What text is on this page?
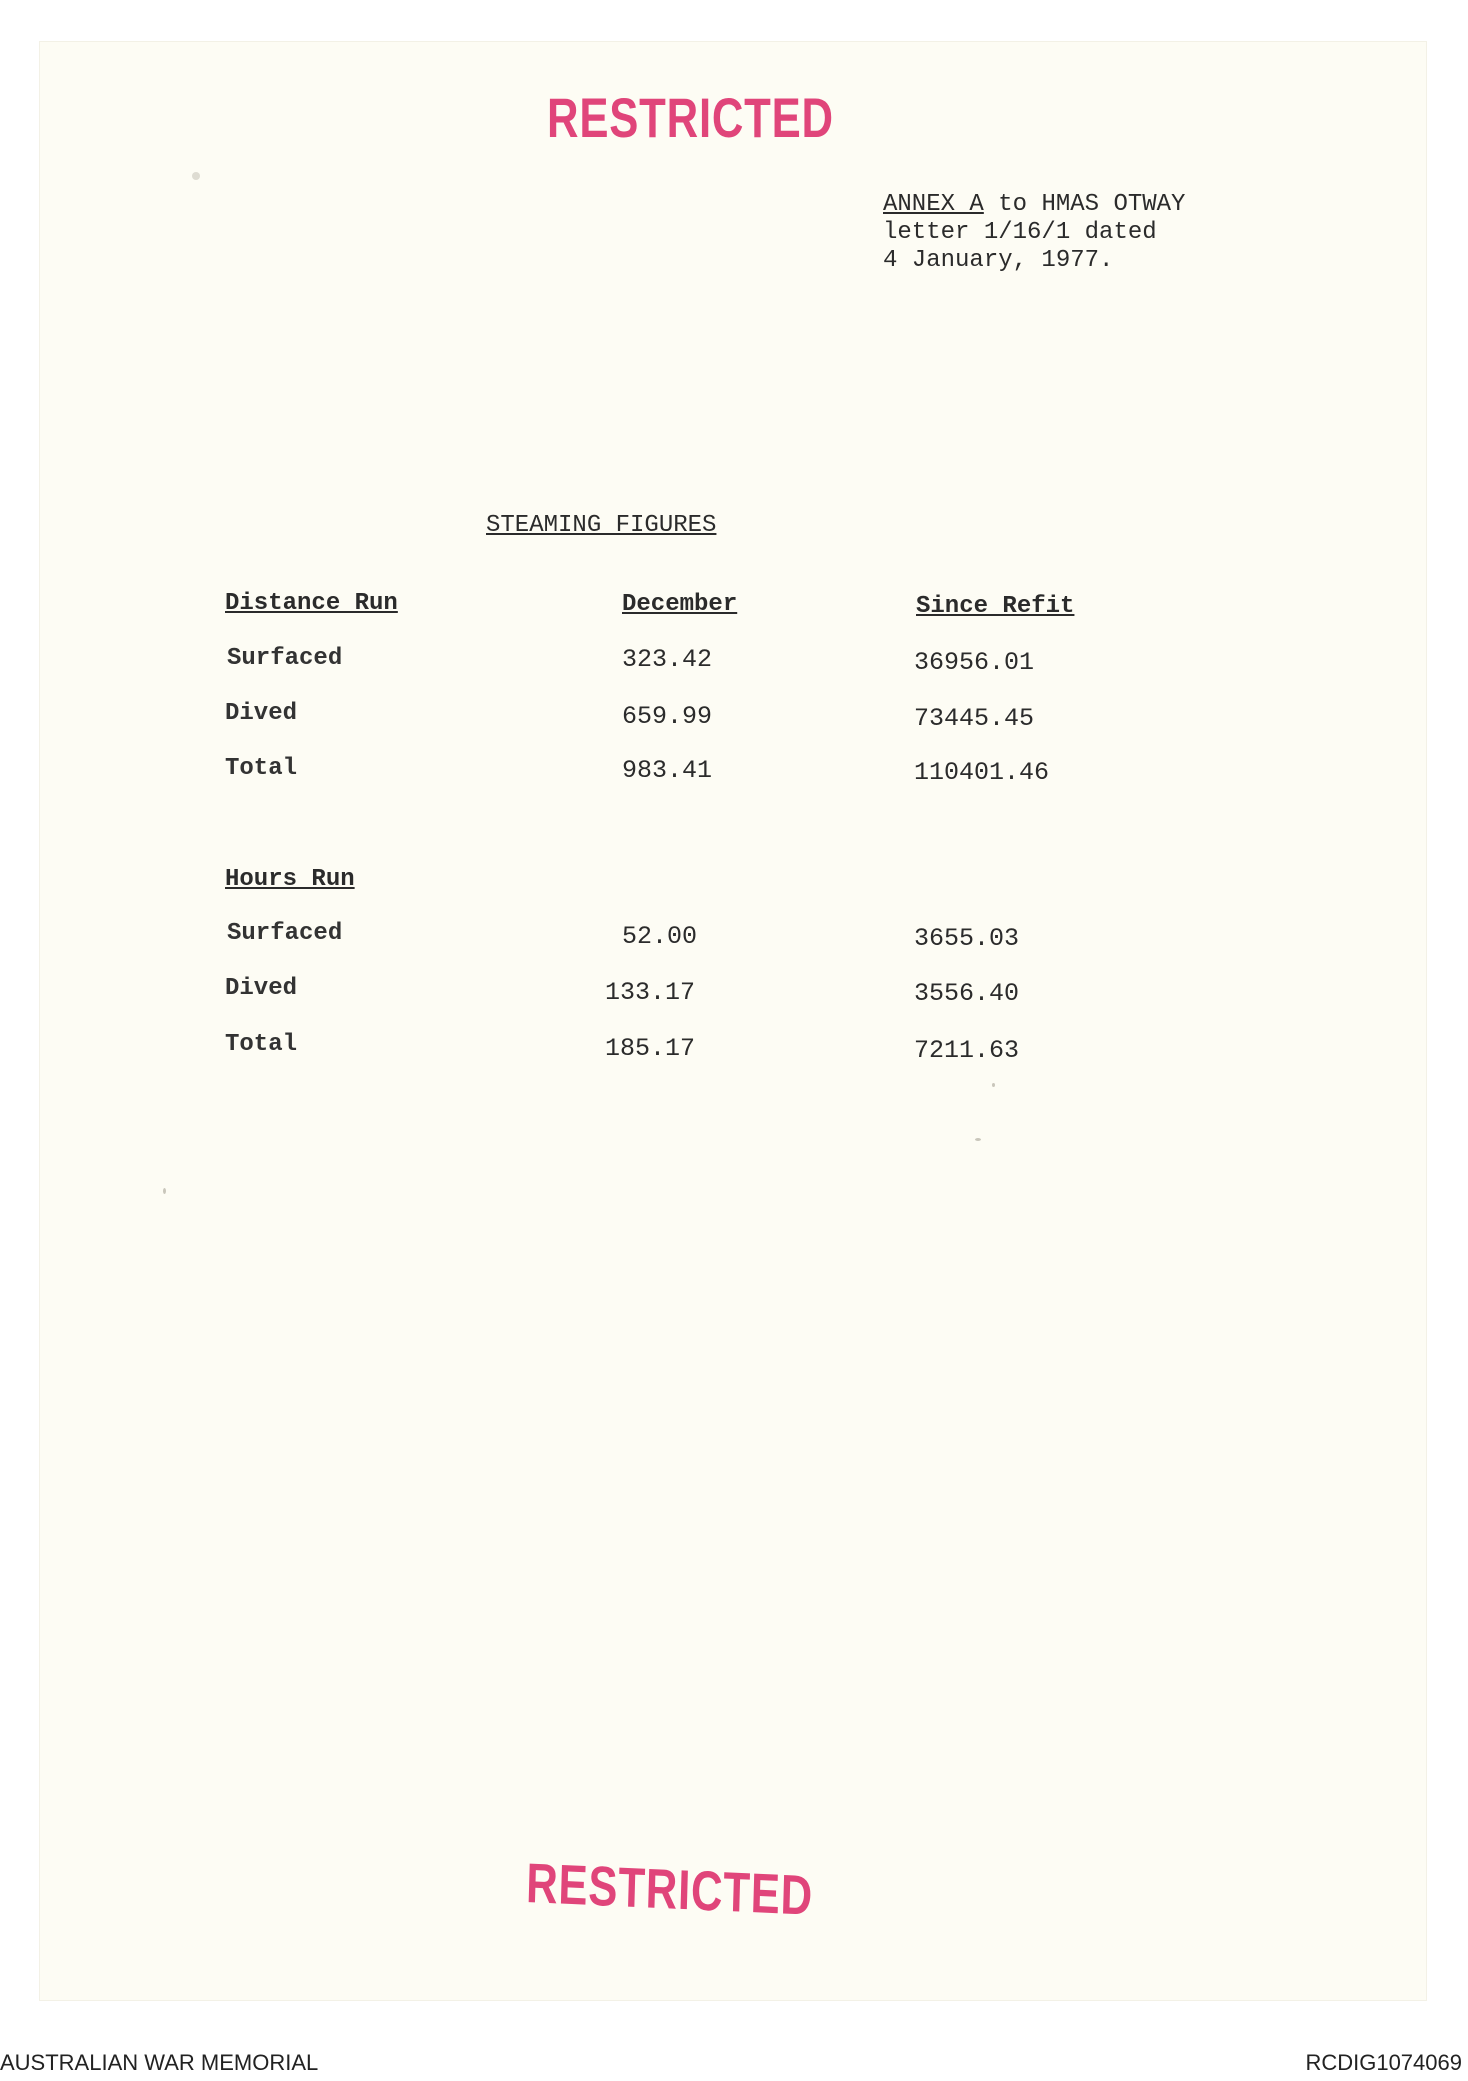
RESTRICTED
ANNEX A to HMAS OTWAY
letter 1/16/1 dated
4 January, 1977.
STEAMING FIGURES
Distance Run	December	Since Refit
Surfaced	323.42	36956.01
Dived	659.99	73445.45
Total	983.41	110401.46
Hours Run
Surfaced	52.00	3655.03
Dived	133.17	3556.40
Total	185.17	7211.63
RESTRICTED
AUSTRALIAN WAR MEMORIAL	RCDIG1074069
